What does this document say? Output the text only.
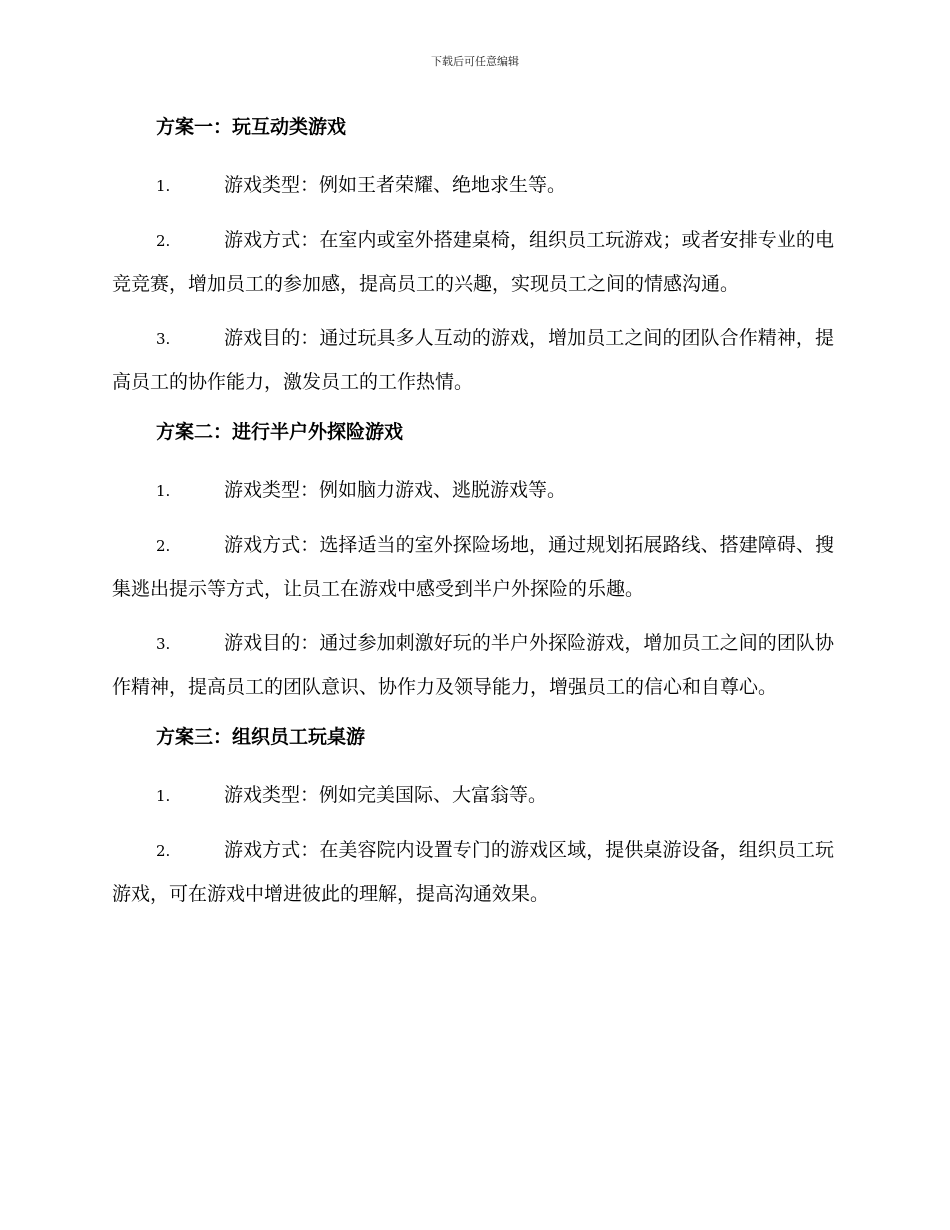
下载后可任意编辑

方案一：玩互动类游戏

1.	游戏类型：例如王者荣耀、绝地求生等。

2.	游戏方式：在室内或室外搭建桌椅，组织员工玩游戏；或者安排专业的电竞竞赛，增加员工的参加感，提高员工的兴趣，实现员工之间的情感沟通。

3.	游戏目的：通过玩具多人互动的游戏，增加员工之间的团队合作精神，提高员工的协作能力，激发员工的工作热情。

方案二：进行半户外探险游戏

1.	游戏类型：例如脑力游戏、逃脱游戏等。

2.	游戏方式：选择适当的室外探险场地，通过规划拓展路线、搭建障碍、搜集逃出提示等方式，让员工在游戏中感受到半户外探险的乐趣。

3.	游戏目的：通过参加刺激好玩的半户外探险游戏，增加员工之间的团队协作精神，提高员工的团队意识、协作力及领导能力，增强员工的信心和自尊心。

方案三：组织员工玩桌游

1.	游戏类型：例如完美国际、大富翁等。

2.	游戏方式：在美容院内设置专门的游戏区域，提供桌游设备，组织员工玩游戏，可在游戏中增进彼此的理解，提高沟通效果。
